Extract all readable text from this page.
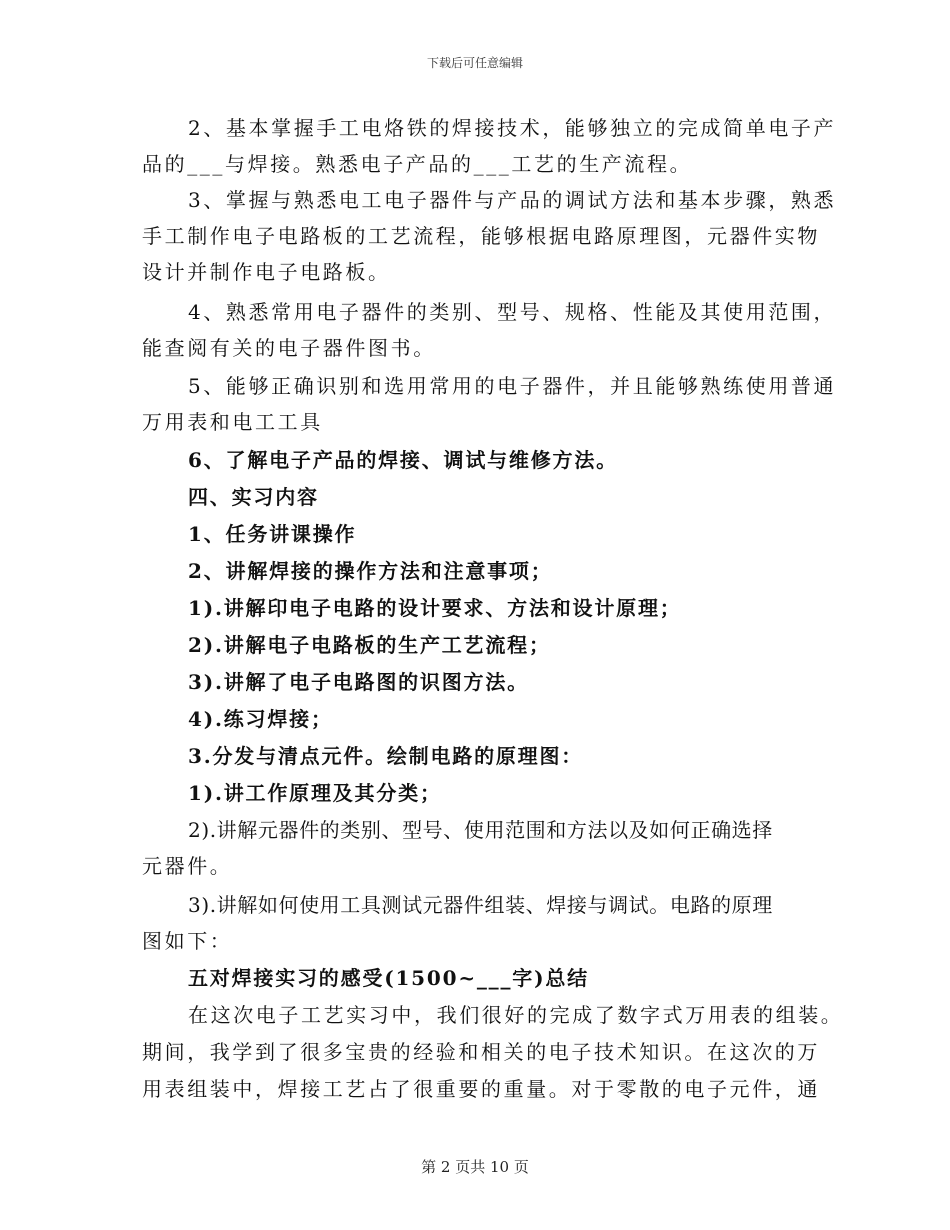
下载后可任意编辑
2、基本掌握手工电烙铁的焊接技术，能够独立的完成简单电子产
品的___与焊接。熟悉电子产品的___工艺的生产流程。
3、掌握与熟悉电工电子器件与产品的调试方法和基本步骤，熟悉
手工制作电子电路板的工艺流程，能够根据电路原理图，元器件实物
设计并制作电子电路板。
4、熟悉常用电子器件的类别、型号、规格、性能及其使用范围，
能查阅有关的电子器件图书。
5、能够正确识别和选用常用的电子器件，并且能够熟练使用普通
万用表和电工工具
6、了解电子产品的焊接、调试与维修方法。
四、实习内容
1、任务讲课操作
2、讲解焊接的操作方法和注意事项；
1).讲解印电子电路的设计要求、方法和设计原理；
2).讲解电子电路板的生产工艺流程；
3).讲解了电子电路图的识图方法。
4).练习焊接；
3.分发与清点元件。绘制电路的原理图：
1).讲工作原理及其分类；
2).讲解元器件的类别、型号、使用范围和方法以及如何正确选择
元器件。
3).讲解如何使用工具测试元器件组装、焊接与调试。电路的原理
图如下：
五对焊接实习的感受(1500~___字)总结
在这次电子工艺实习中，我们很好的完成了数字式万用表的组装。
期间，我学到了很多宝贵的经验和相关的电子技术知识。在这次的万
用表组装中，焊接工艺占了很重要的重量。对于零散的电子元件，通
第 2 页共 10 页
